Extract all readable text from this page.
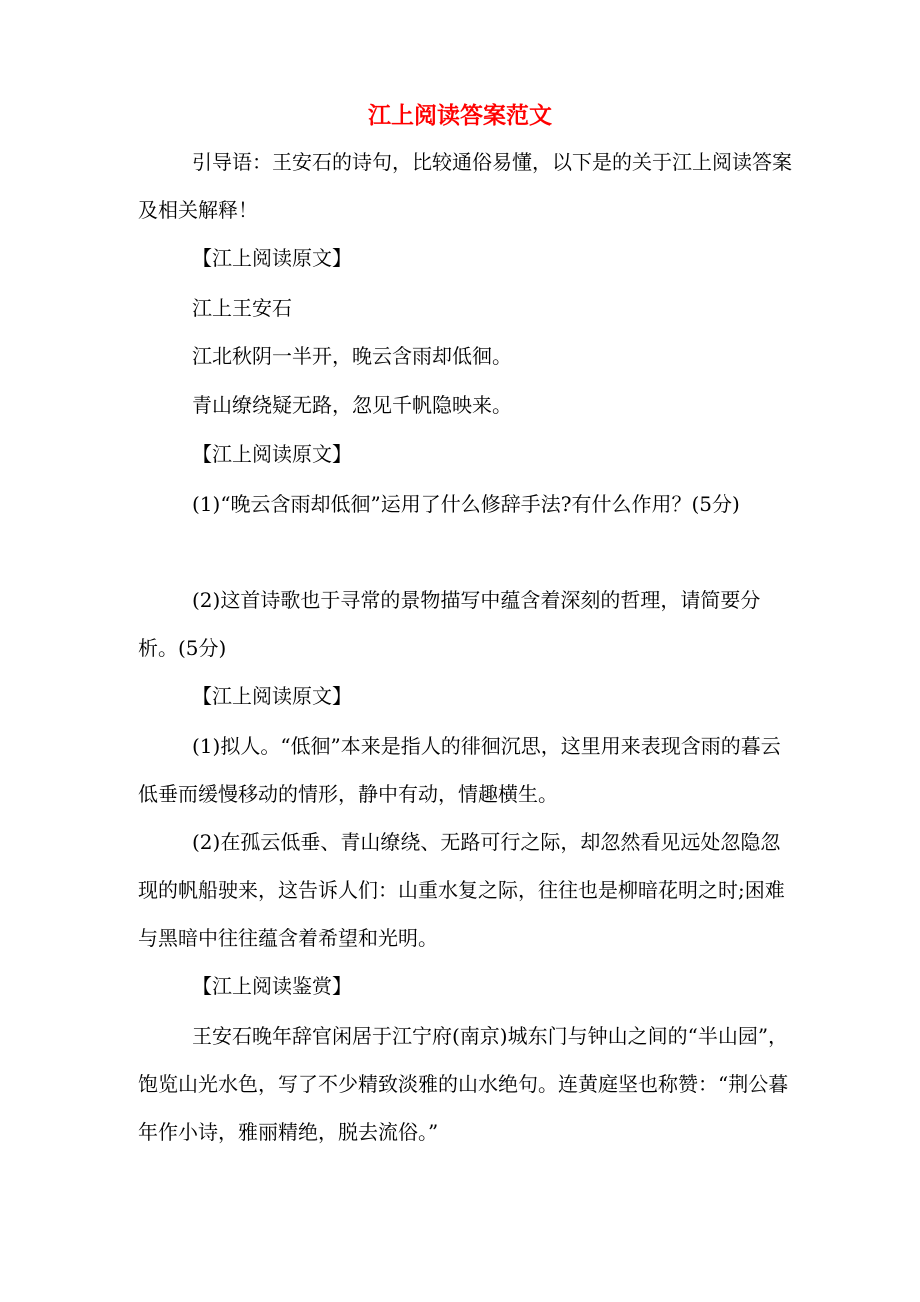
江上阅读答案范文

引导语：王安石的诗句，比较通俗易懂，以下是的关于江上阅读答案及相关解释！

【江上阅读原文】

江上王安石

江北秋阴一半开，晚云含雨却低徊。

青山缭绕疑无路，忽见千帆隐映来。

【江上阅读原文】

(1)“晚云含雨却低徊”运用了什么修辞手法?有什么作用？(5分)

(2)这首诗歌也于寻常的景物描写中蕴含着深刻的哲理，请简要分析。(5分)

【江上阅读原文】

(1)拟人。“低徊”本来是指人的徘徊沉思，这里用来表现含雨的暮云低垂而缓慢移动的情形，静中有动，情趣横生。

(2)在孤云低垂、青山缭绕、无路可行之际，却忽然看见远处忽隐忽现的帆船驶来，这告诉人们：山重水复之际，往往也是柳暗花明之时;困难与黑暗中往往蕴含着希望和光明。

【江上阅读鉴赏】

王安石晚年辞官闲居于江宁府(南京)城东门与钟山之间的“半山园”，饱览山光水色，写了不少精致淡雅的山水绝句。连黄庭坚也称赞：“荆公暮年作小诗，雅丽精绝，脱去流俗。”
